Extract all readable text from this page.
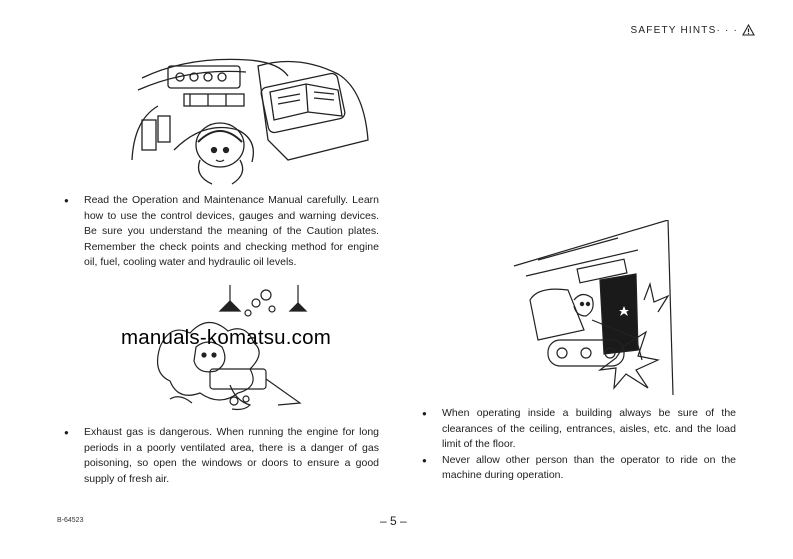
SAFETY HINTS· · ·

● Read the Operation and Maintenance Manual carefully. Learn how to use the control devices, gauges and warning devices. Be sure you understand the meaning of the Caution plates. Remember the check points and checking method for engine oil, fuel, cooling water and hydraulic oil levels.

manuals-komatsu.com

● Exhaust gas is dangerous. When running the engine for long periods in a poorly ventilated area, there is a danger of gas poisoning, so open the windows or doors to ensure a good supply of fresh air.

● When operating inside a building always be sure of the clearances of the ceiling, entrances, aisles, etc. and the load limit of the floor.

● Never allow other person than the operator to ride on the machine during operation.

B-64523	– 5 –
